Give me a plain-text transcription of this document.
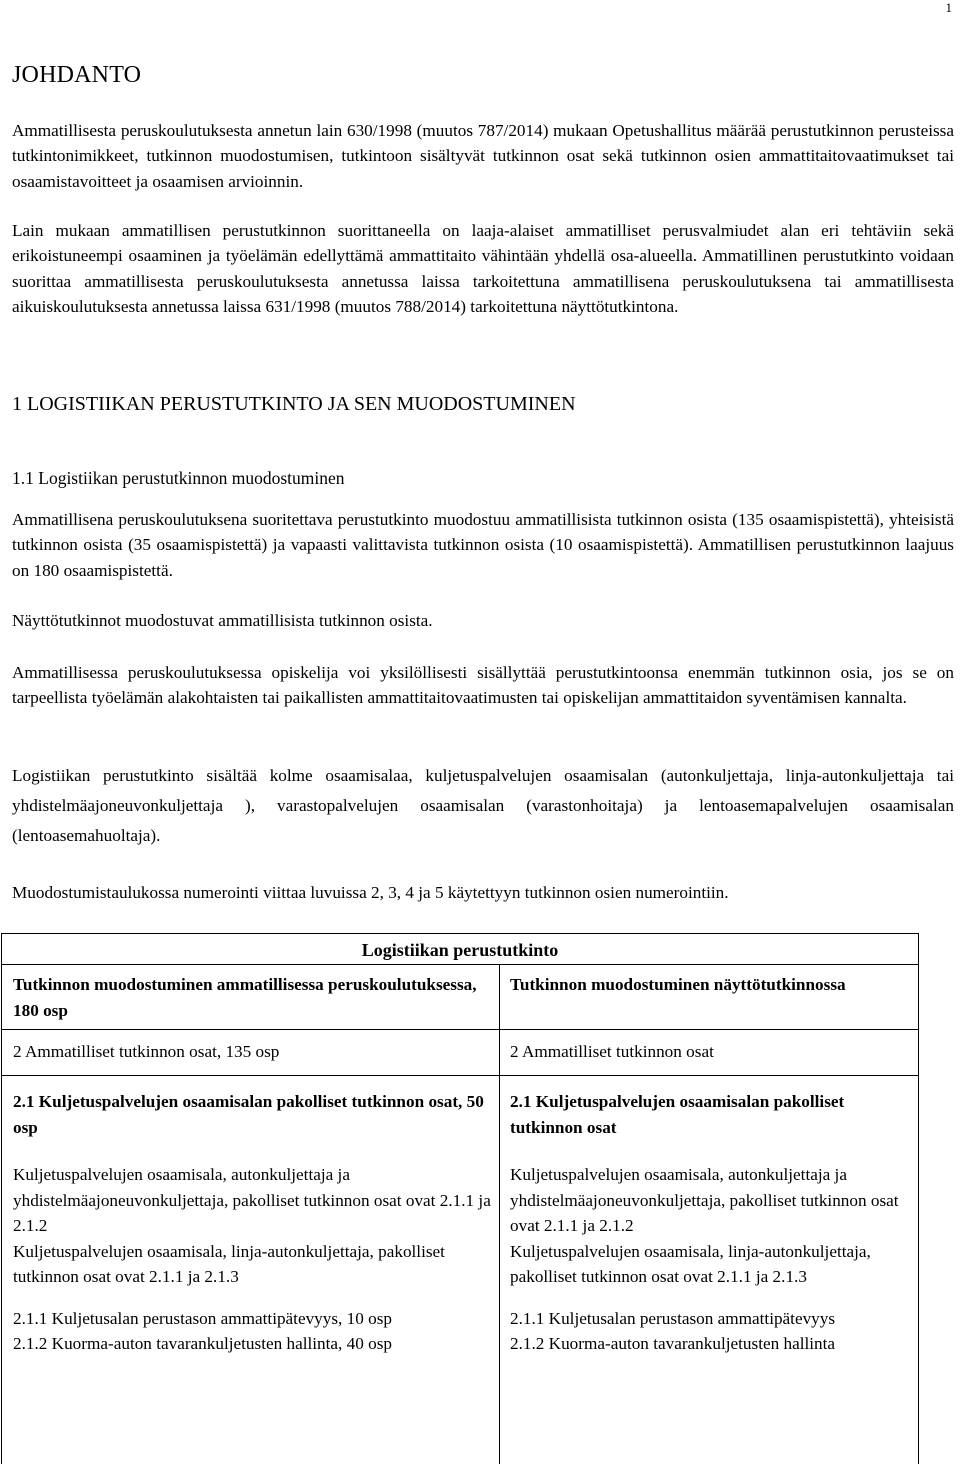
1
JOHDANTO
Ammatillisesta peruskoulutuksesta annetun lain 630/1998 (muutos 787/2014) mukaan Opetushallitus määrää perustutkinnon perusteissa tutkintonimikkeet, tutkinnon muodostumisen, tutkintoon sisältyvät tutkinnon osat sekä tutkinnon osien ammattitaitovaatimukset tai osaamistavoitteet ja osaamisen arvioinnin.
Lain mukaan ammatillisen perustutkinnon suorittaneella on laaja-alaiset ammatilliset perusvalmiudet alan eri tehtäviin sekä erikoistuneempi osaaminen ja työelämän edellyttämä ammattitaito vähintään yhdellä osa-alueella. Ammatillinen perustutkinto voidaan suorittaa ammatillisesta peruskoulutuksesta annetussa laissa tarkoitettuna ammatillisena peruskoulutuksena tai ammatillisesta aikuiskoulutuksesta annetussa laissa 631/1998 (muutos 788/2014) tarkoitettuna näyttötutkintona.
1 LOGISTIIKAN PERUSTUTKINTO JA SEN MUODOSTUMINEN
1.1 Logistiikan perustutkinnon muodostuminen
Ammatillisena peruskoulutuksena suoritettava perustutkinto muodostuu ammatillisista tutkinnon osista (135 osaamispistettä), yhteisistä tutkinnon osista (35 osaamispistettä) ja vapaasti valittavista tutkinnon osista (10 osaamispistettä). Ammatillisen perustutkinnon laajuus on 180 osaamispistettä.
Näyttötutkinnot muodostuvat ammatillisista tutkinnon osista.
Ammatillisessa peruskoulutuksessa opiskelija voi yksilöllisesti sisällyttää perustutkintoonsa enemmän tutkinnon osia, jos se on tarpeellista työelämän alakohtaisten tai paikallisten ammattitaitovaatimusten tai opiskelijan ammattitaidon syventämisen kannalta.
Logistiikan perustutkinto sisältää kolme osaamisalaa, kuljetuspalvelujen osaamisalan (autonkuljettaja, linja-autonkuljettaja tai yhdistelmäajoneuvonkuljettaja ), varastopalvelujen osaamisalan (varastonhoitaja) ja lentoasemapalvelujen osaamisalan (lentoasemahuoltaja).
Muodostumistaulukossa numerointi viittaa luvuissa 2, 3, 4 ja 5 käytettyyn tutkinnon osien numerointiin.
Logistiikan perustutkinto
Tutkinnon muodostuminen ammatillisessa peruskoulutuksessa, 180 osp
Tutkinnon muodostuminen näyttötutkinnossa
2 Ammatilliset tutkinnon osat, 135 osp	2 Ammatilliset tutkinnon osat
2.1 Kuljetuspalvelujen osaamisalan pakolliset tutkinnon osat, 50 osp
Kuljetuspalvelujen osaamisala, autonkuljettaja ja yhdistelmäajoneuvonkuljettaja, pakolliset tutkinnon osat ovat 2.1.1 ja 2.1.2
Kuljetuspalvelujen osaamisala, linja-autonkuljettaja, pakolliset tutkinnon osat ovat 2.1.1 ja 2.1.3
2.1.1 Kuljetusalan perustason ammattipätevyys, 10 osp
2.1.2 Kuorma-auton tavarankuljetusten hallinta, 40 osp
2.1 Kuljetuspalvelujen osaamisalan pakolliset tutkinnon osat
Kuljetuspalvelujen osaamisala, autonkuljettaja ja yhdistelmäajoneuvonkuljettaja, pakolliset tutkinnon osat ovat 2.1.1 ja 2.1.2
Kuljetuspalvelujen osaamisala, linja-autonkuljettaja, pakolliset tutkinnon osat ovat 2.1.1 ja 2.1.3
2.1.1 Kuljetusalan perustason ammattipätevyys
2.1.2 Kuorma-auton tavarankuljetusten hallinta
